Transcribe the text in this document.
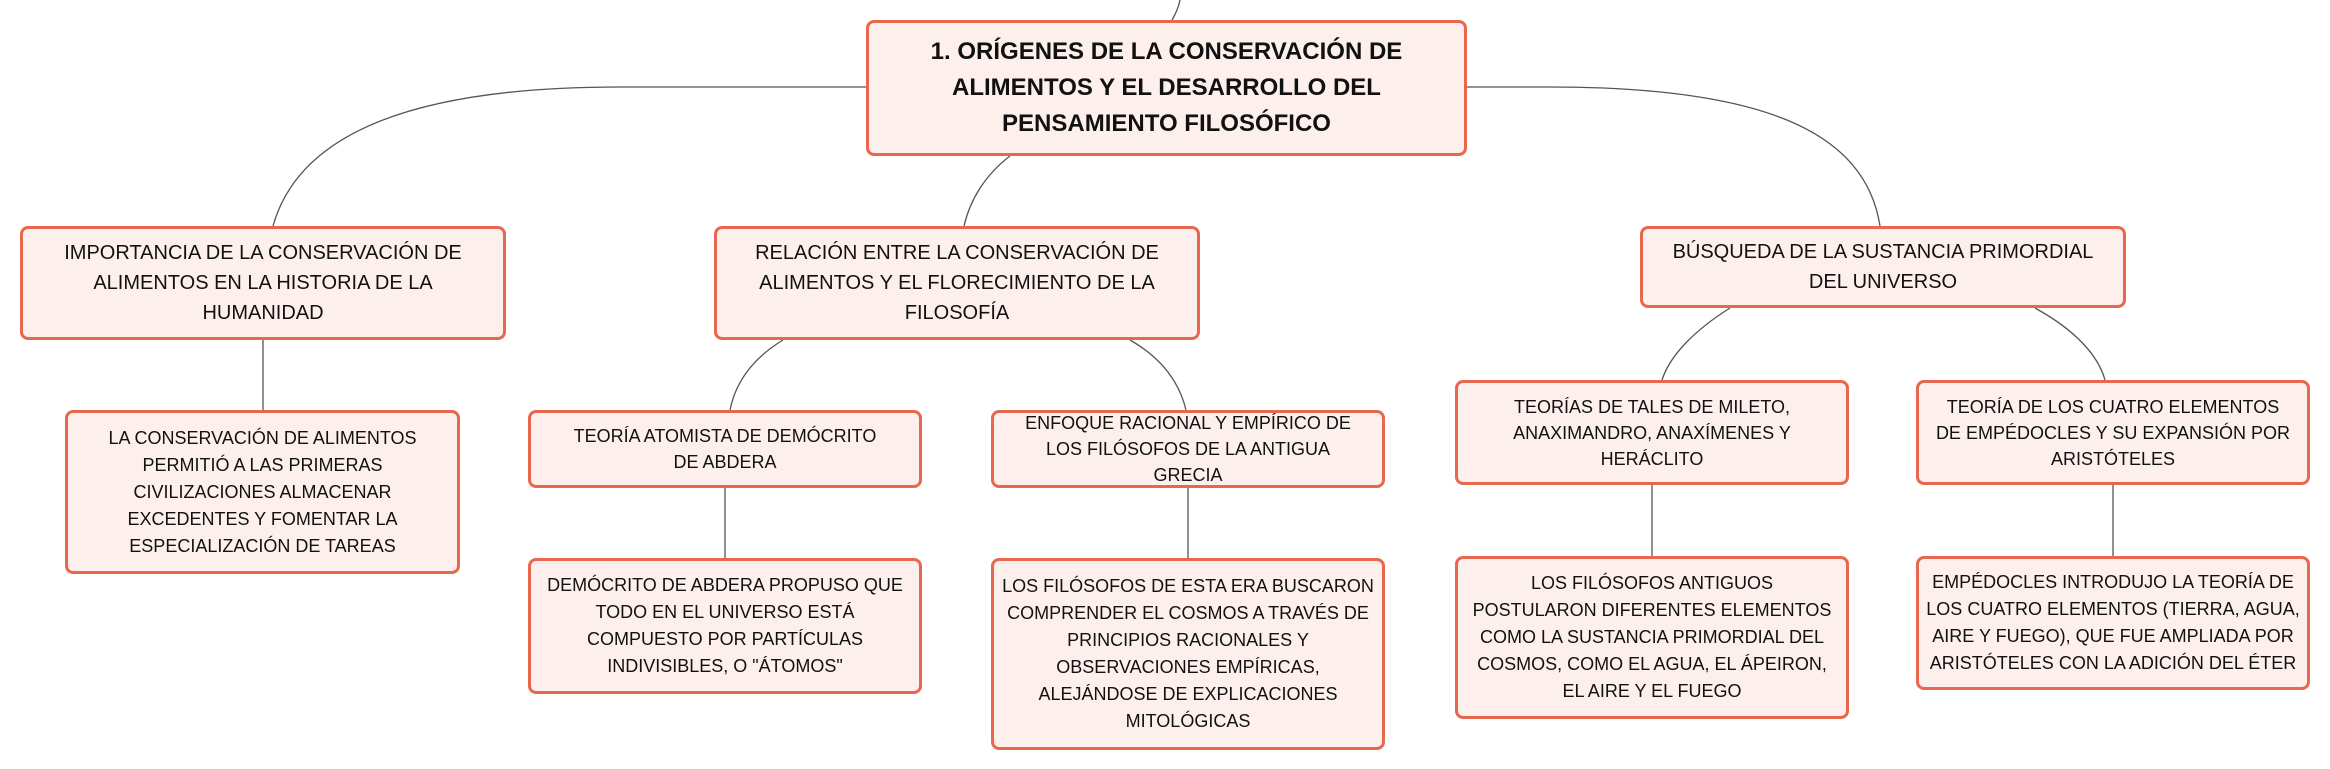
1. ORÍGENES DE LA CONSERVACIÓN DE ALIMENTOS Y EL DESARROLLO DEL PENSAMIENTO FILOSÓFICO
IMPORTANCIA DE LA CONSERVACIÓN DE ALIMENTOS EN LA HISTORIA DE LA HUMANIDAD
RELACIÓN ENTRE LA CONSERVACIÓN DE ALIMENTOS Y EL FLORECIMIENTO DE LA FILOSOFÍA
BÚSQUEDA DE LA SUSTANCIA PRIMORDIAL DEL UNIVERSO
LA CONSERVACIÓN DE ALIMENTOS PERMITIÓ A LAS PRIMERAS CIVILIZACIONES ALMACENAR EXCEDENTES Y FOMENTAR LA ESPECIALIZACIÓN DE TAREAS
TEORÍA ATOMISTA DE DEMÓCRITO DE ABDERA
ENFOQUE RACIONAL Y EMPÍRICO DE LOS FILÓSOFOS DE LA ANTIGUA GRECIA
DEMÓCRITO DE ABDERA PROPUSO QUE TODO EN EL UNIVERSO ESTÁ COMPUESTO POR PARTÍCULAS INDIVISIBLES, O "ÁTOMOS"
LOS FILÓSOFOS DE ESTA ERA BUSCARON COMPRENDER EL COSMOS A TRAVÉS DE PRINCIPIOS RACIONALES Y OBSERVACIONES EMPÍRICAS, ALEJÁNDOSE DE EXPLICACIONES MITOLÓGICAS
TEORÍAS DE TALES DE MILETO, ANAXIMANDRO, ANAXÍMENES Y HERÁCLITO
TEORÍA DE LOS CUATRO ELEMENTOS DE EMPÉDOCLES Y SU EXPANSIÓN POR ARISTÓTELES
LOS FILÓSOFOS ANTIGUOS POSTULARON DIFERENTES ELEMENTOS COMO LA SUSTANCIA PRIMORDIAL DEL COSMOS, COMO EL AGUA, EL ÁPEIRON, EL AIRE Y EL FUEGO
EMPÉDOCLES INTRODUJO LA TEORÍA DE LOS CUATRO ELEMENTOS (TIERRA, AGUA, AIRE Y FUEGO), QUE FUE AMPLIADA POR ARISTÓTELES CON LA ADICIÓN DEL ÉTER
